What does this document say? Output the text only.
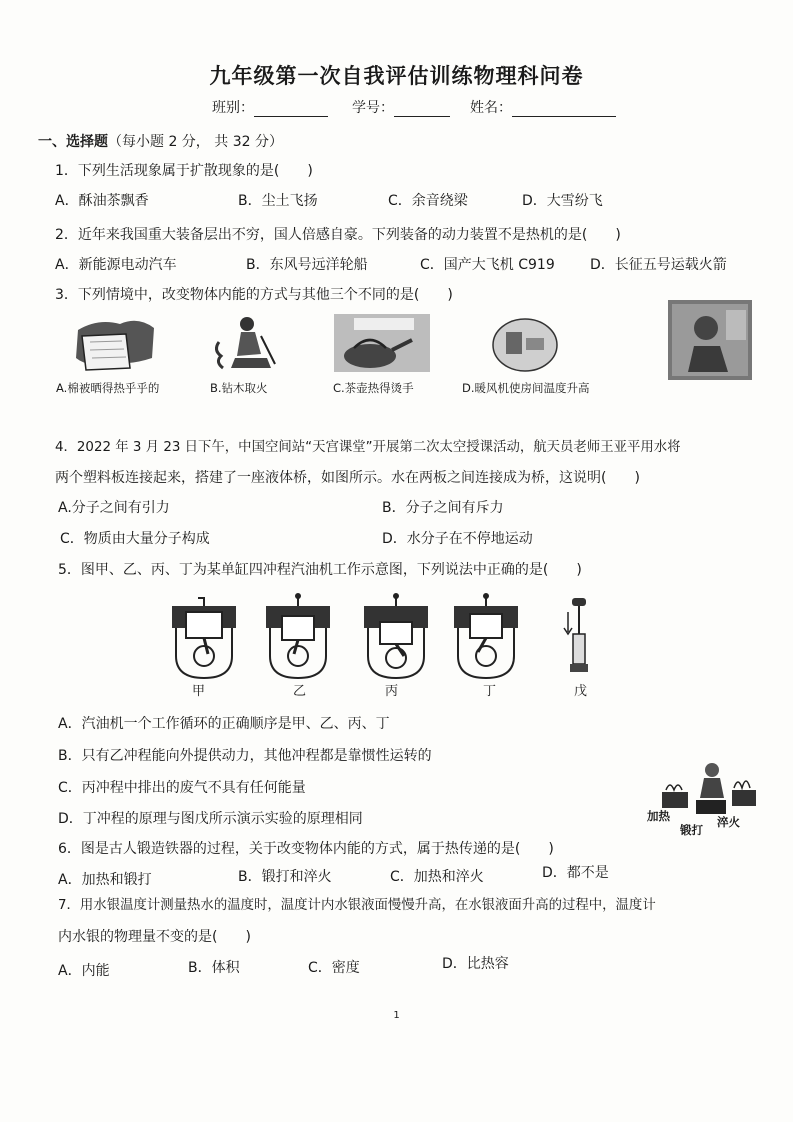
九年级第一次自我评估训练物理科问卷
班别：	学号：	姓名：
一、选择题（每小题 2 分， 共 32 分）
1．下列生活现象属于扩散现象的是(　　)
A．酥油茶飘香	B．尘土飞扬	C．余音绕梁	D．大雪纷飞
2．近年来我国重大装备层出不穷，国人倍感自豪。下列装备的动力装置不是热机的是(　　)
A．新能源电动汽车	B．东风号远洋轮船	C．国产大飞机 C919	D．长征五号运载火箭
3．下列情境中，改变物体内能的方式与其他三个不同的是(　　)
A.棉被晒得热乎乎的	B.钻木取火	C.茶壶热得烫手	D.暖风机使房间温度升高
4．2022 年 3 月 23 日下午，中国空间站“天宫课堂”开展第二次太空授课活动，航天员老师王亚平用水将
两个塑料板连接起来，搭建了一座液体桥，如图所示。水在两板之间连接成为桥，这说明(　　)
A.分子之间有引力	B．分子之间有斥力
C．物质由大量分子构成	D．水分子在不停地运动
5．图甲、乙、丙、丁为某单缸四冲程汽油机工作示意图，下列说法中正确的是(　　)
甲	乙	丙	丁	戊
A．汽油机一个工作循环的正确顺序是甲、乙、丙、丁
B．只有乙冲程能向外提供动力，其他冲程都是靠惯性运转的
C．丙冲程中排出的废气不具有任何能量
D．丁冲程的原理与图戊所示演示实验的原理相同	加热
锻打
淬火
6．图是古人锻造铁器的过程，关于改变物体内能的方式，属于热传递的是(　　)
A．加热和锻打	B．锻打和淬火	C．加热和淬火	D．都不是
7．用水银温度计测量热水的温度时，温度计内水银液面慢慢升高，在水银液面升高的过程中，温度计
内水银的物理量不变的是(　　)
A．内能	B．体积	C．密度	D．比热容
1
